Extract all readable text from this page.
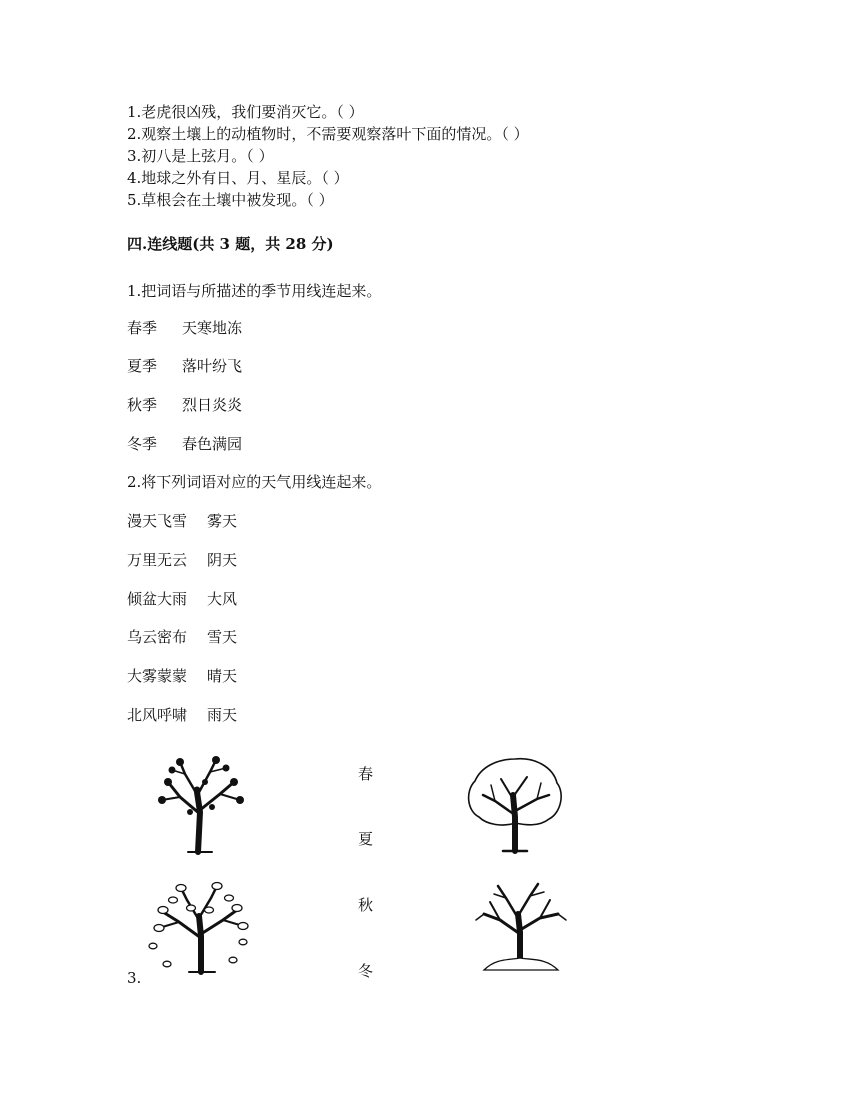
1.老虎很凶残，我们要消灭它。（ ）
2.观察土壤上的动植物时，不需要观察落叶下面的情况。（ ）
3.初八是上弦月。（ ）
4.地球之外有日、月、星辰。（ ）
5.草根会在土壤中被发现。（ ）
四.连线题(共 3 题，共 28 分)
1.把词语与所描述的季节用线连起来。
春季 天寒地冻
夏季 落叶纷飞
秋季 烈日炎炎
冬季 春色满园
2.将下列词语对应的天气用线连起来。
漫天飞雪 雾天
万里无云 阴天
倾盆大雨 大风
乌云密布 雪天
大雾蒙蒙 晴天
北风呼啸 雨天
春
夏
秋
冬
3.
